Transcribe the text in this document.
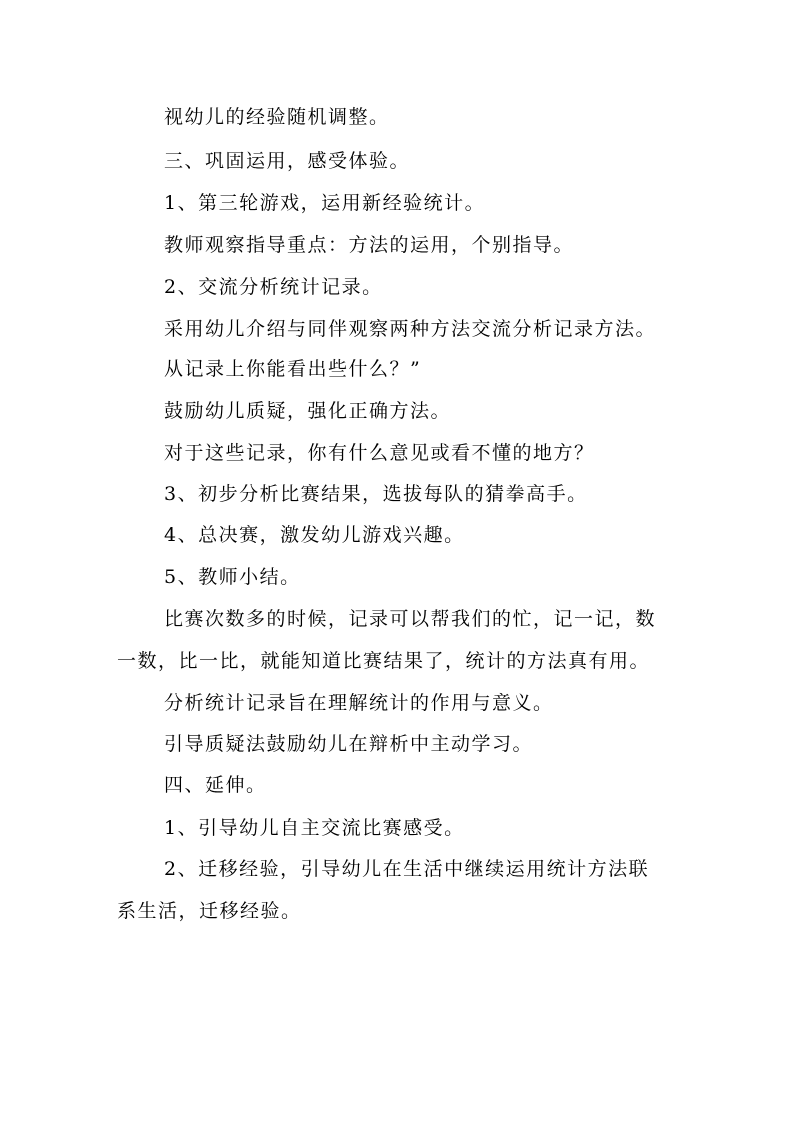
视幼儿的经验随机调整。
三、巩固运用，感受体验。
1、第三轮游戏，运用新经验统计。
教师观察指导重点：方法的运用，个别指导。
2、交流分析统计记录。
采用幼儿介绍与同伴观察两种方法交流分析记录方法。
从记录上你能看出些什么？”
鼓励幼儿质疑，强化正确方法。
对于这些记录，你有什么意见或看不懂的地方？
3、初步分析比赛结果，选拔每队的猜拳高手。
4、总决赛，激发幼儿游戏兴趣。
5、教师小结。
比赛次数多的时候，记录可以帮我们的忙，记一记，数
一数，比一比，就能知道比赛结果了，统计的方法真有用。
分析统计记录旨在理解统计的作用与意义。
引导质疑法鼓励幼儿在辩析中主动学习。
四、延伸。
1、引导幼儿自主交流比赛感受。
2、迁移经验，引导幼儿在生活中继续运用统计方法联
系生活，迁移经验。
